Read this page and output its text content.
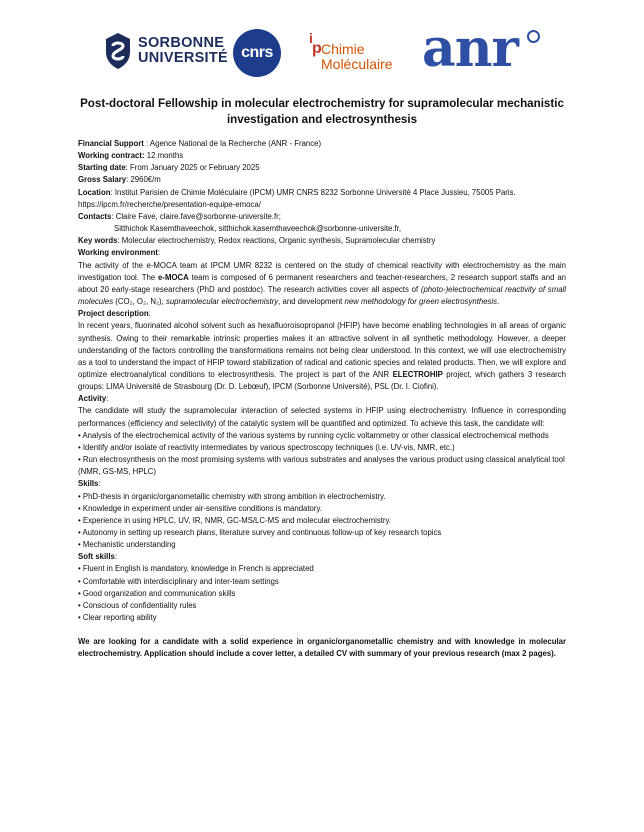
SORBONNE
UNIVERSITÉ cnrs
i
p Chimie
Moléculaire anr
Post-doctoral Fellowship in molecular electrochemistry for supramolecular mechanistic investigation and electrosynthesis

Financial Support : Agence National de la Recherche (ANR - France)

Working contract: 12 months

Starting date: From January 2025 or February 2025

Gross Salary: 2960€/m

Location: Institut Parisien de Chimie Moléculaire (IPCM) UMR CNRS 8232 Sorbonne Université 4 Place Jussieu, 75005 Paris.

https://ipcm.fr/recherche/presentation-equipe-emoca/

Contacts: Claire Fave, claire.fave@sorbonne-universite.fr;

Sitthichok Kasemthaveechok, sitthichok.kasemthaveechok@sorbonne-universite.fr,

Key words: Molecular electrochemistry, Redox reactions, Organic synthesis, Supramolecular chemistry

Working environment:

The activity of the e-MOCA team at IPCM UMR 8232 is centered on the study of chemical reactivity with electrochemistry as the main investigation tool. The e-MOCA team is composed of 6 permanent researchers and teacher-researchers, 2 research support staffs and an about 20 early-stage researchers (PhD and postdoc). The research activities cover all aspects of (photo-)electrochemical reactivity of small molecules (CO₂, O₂, N₂), supramolecular electrochemistry, and development new methodology for green electrosynthesis.

Project description:

In recent years, fluorinated alcohol solvent such as hexafluoroisopropanol (HFIP) have become enabling technologies in all areas of organic synthesis. Owing to their remarkable intrinsic properties makes it an attractive solvent in all synthetic methodology. However, a deeper understanding of the factors controlling the transformations remains not being clear understood. In this context, we will use electrochemistry as a tool to understand the impact of HFIP toward stabilization of radical and cationic species and related products. Then, we will explore and optimize electroanalytical conditions to electrosynthesis. The project is part of the ANR ELECTROHIP project, which gathers 3 research groups: LIMA Université de Strasbourg (Dr. D. Lebœuf), IPCM (Sorbonne Université), PSL (Dr. I. Ciofini).

Activity:

The candidate will study the supramolecular interaction of selected systems in HFIP using electrochemistry. Influence in corresponding performances (efficiency and selectivity) of the catalytic system will be quantified and optimized. To achieve this task, the candidate will:

• Analysis of the electrochemical activity of the various systems by running cyclic voltammetry or other classical electrochemical methods

• Identify and/or isolate of reactivity intermediates by various spectroscopy techniques (i.e. UV-vis, NMR, etc.)

• Run electrosynthesis on the most promising systems with various substrates and analyses the various product using classical analytical tool (NMR, GS-MS, HPLC)

Skills:

• PhD-thesis in organic/organometallic chemistry with strong ambition in electrochemistry.

• Knowledge in experiment under air-sensitive conditions is mandatory.

• Experience in using HPLC, UV, IR, NMR, GC-MS/LC-MS and molecular electrochemistry.

• Autonomy in setting up research plans, literature survey and continuous follow-up of key research topics

• Mechanistic understanding

Soft skills:

• Fluent in English is mandatory, knowledge in French is appreciated

• Comfortable with interdisciplinary and inter-team settings

• Good organization and communication skills

• Conscious of confidentiality rules

• Clear reporting ability

We are looking for a candidate with a solid experience in organic/organometallic chemistry and with knowledge in molecular electrochemistry. Application should include a cover letter, a detailed CV with summary of your previous research (max 2 pages).
